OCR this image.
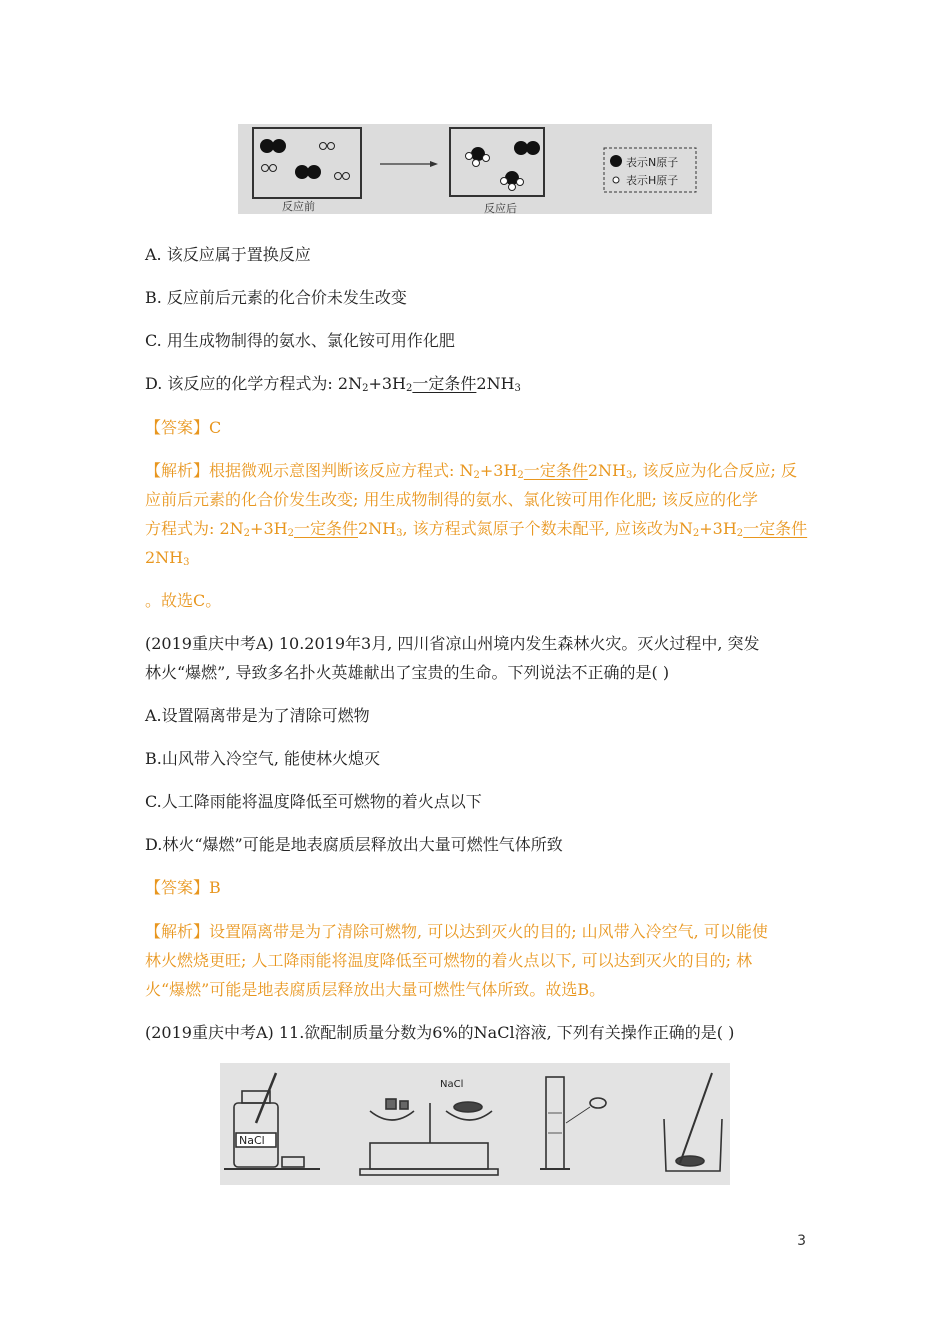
表示N原子
表示H原子
反应前	反应后
A. 该反应属于置换反应
B. 反应前后元素的化合价未发生改变
C. 用生成物制得的氨水、氯化铵可用作化肥
D. 该反应的化学方程式为: $2N_2+3H_2$一定条件$2NH_3$
【答案】C
【解析】根据微观示意图判断该反应方程式: $N_2+3H_2$一定条件$2NH_3$, 该反应为化合反应; 反
应前后元素的化合价发生改变; 用生成物制得的氨水、氯化铵可用作化肥; 该反应的化学
方程式为: $2N_2+3H_2$一定条件$2NH_3$, 该方程式氮原子个数未配平, 应该改为$N_2+3H_2$一定条件
$2NH_3$
。故选C。
(2019重庆中考A) 10.2019年3月, 四川省凉山州境内发生森林火灾。灭火过程中, 突发
林火“爆燃”, 导致多名扑火英雄献出了宝贵的生命。下列说法不正确的是( )
A.设置隔离带是为了清除可燃物
B.山风带入冷空气, 能使林火熄灭
C.人工降雨能将温度降低至可燃物的着火点以下
D.林火“爆燃”可能是地表腐质层释放出大量可燃性气体所致
【答案】B
【解析】设置隔离带是为了清除可燃物, 可以达到灭火的目的; 山风带入冷空气, 可以能使
林火燃烧更旺; 人工降雨能将温度降低至可燃物的着火点以下, 可以达到灭火的目的; 林
火“爆燃”可能是地表腐质层释放出大量可燃性气体所致。故选B。
(2019重庆中考A) 11.欲配制质量分数为6%的NaCl溶液, 下列有关操作正确的是( )
NaCl
NaCl
3
